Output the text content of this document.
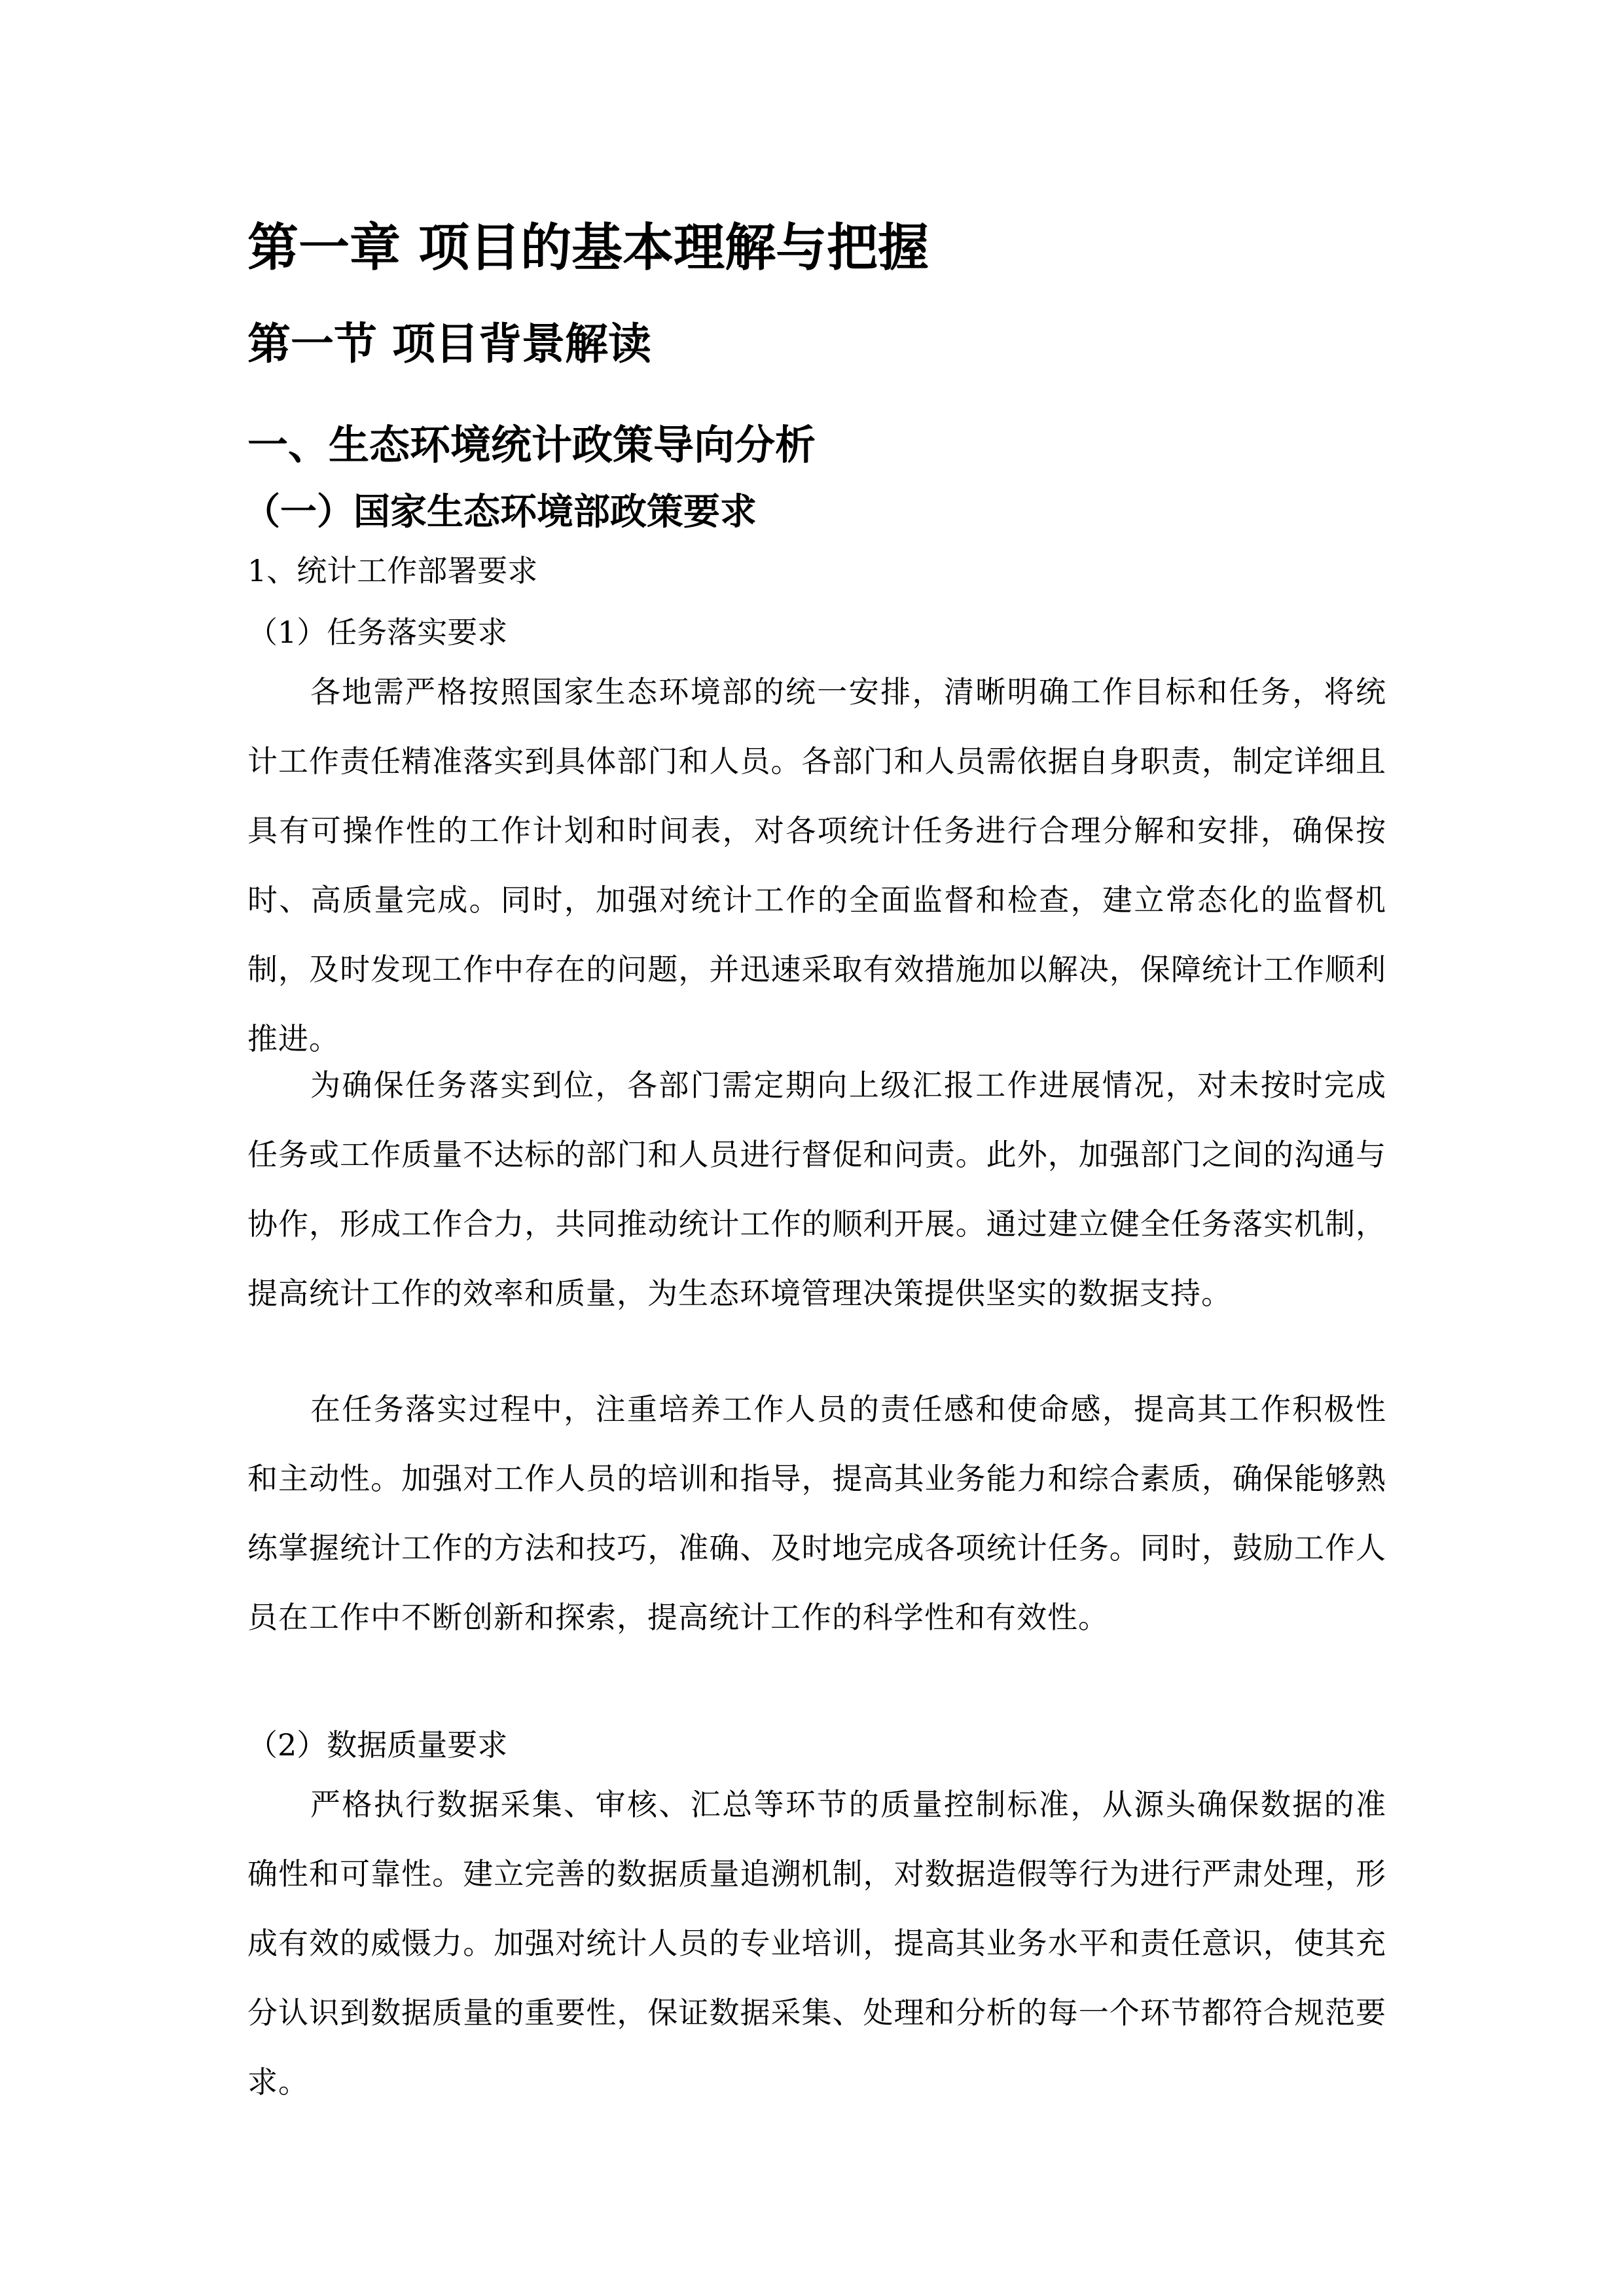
第一章 项目的基本理解与把握
第一节 项目背景解读
一、生态环境统计政策导向分析
（一）国家生态环境部政策要求
1、统计工作部署要求
（1）任务落实要求

各地需严格按照国家生态环境部的统一安排，清晰明确工作目标和任务，将统计工作责任精准落实到具体部门和人员。各部门和人员需依据自身职责，制定详细且具有可操作性的工作计划和时间表，对各项统计任务进行合理分解和安排，确保按时、高质量完成。同时，加强对统计工作的全面监督和检查，建立常态化的监督机制，及时发现工作中存在的问题，并迅速采取有效措施加以解决，保障统计工作顺利推进。

为确保任务落实到位，各部门需定期向上级汇报工作进展情况，对未按时完成任务或工作质量不达标的部门和人员进行督促和问责。此外，加强部门之间的沟通与协作，形成工作合力，共同推动统计工作的顺利开展。通过建立健全任务落实机制，提高统计工作的效率和质量，为生态环境管理决策提供坚实的数据支持。

在任务落实过程中，注重培养工作人员的责任感和使命感，提高其工作积极性和主动性。加强对工作人员的培训和指导，提高其业务能力和综合素质，确保能够熟练掌握统计工作的方法和技巧，准确、及时地完成各项统计任务。同时，鼓励工作人员在工作中不断创新和探索，提高统计工作的科学性和有效性。

（2）数据质量要求

严格执行数据采集、审核、汇总等环节的质量控制标准，从源头确保数据的准确性和可靠性。建立完善的数据质量追溯机制，对数据造假等行为进行严肃处理，形成有效的威慑力。加强对统计人员的专业培训，提高其业务水平和责任意识，使其充分认识到数据质量的重要性，保证数据采集、处理和分析的每一个环节都符合规范要求。
